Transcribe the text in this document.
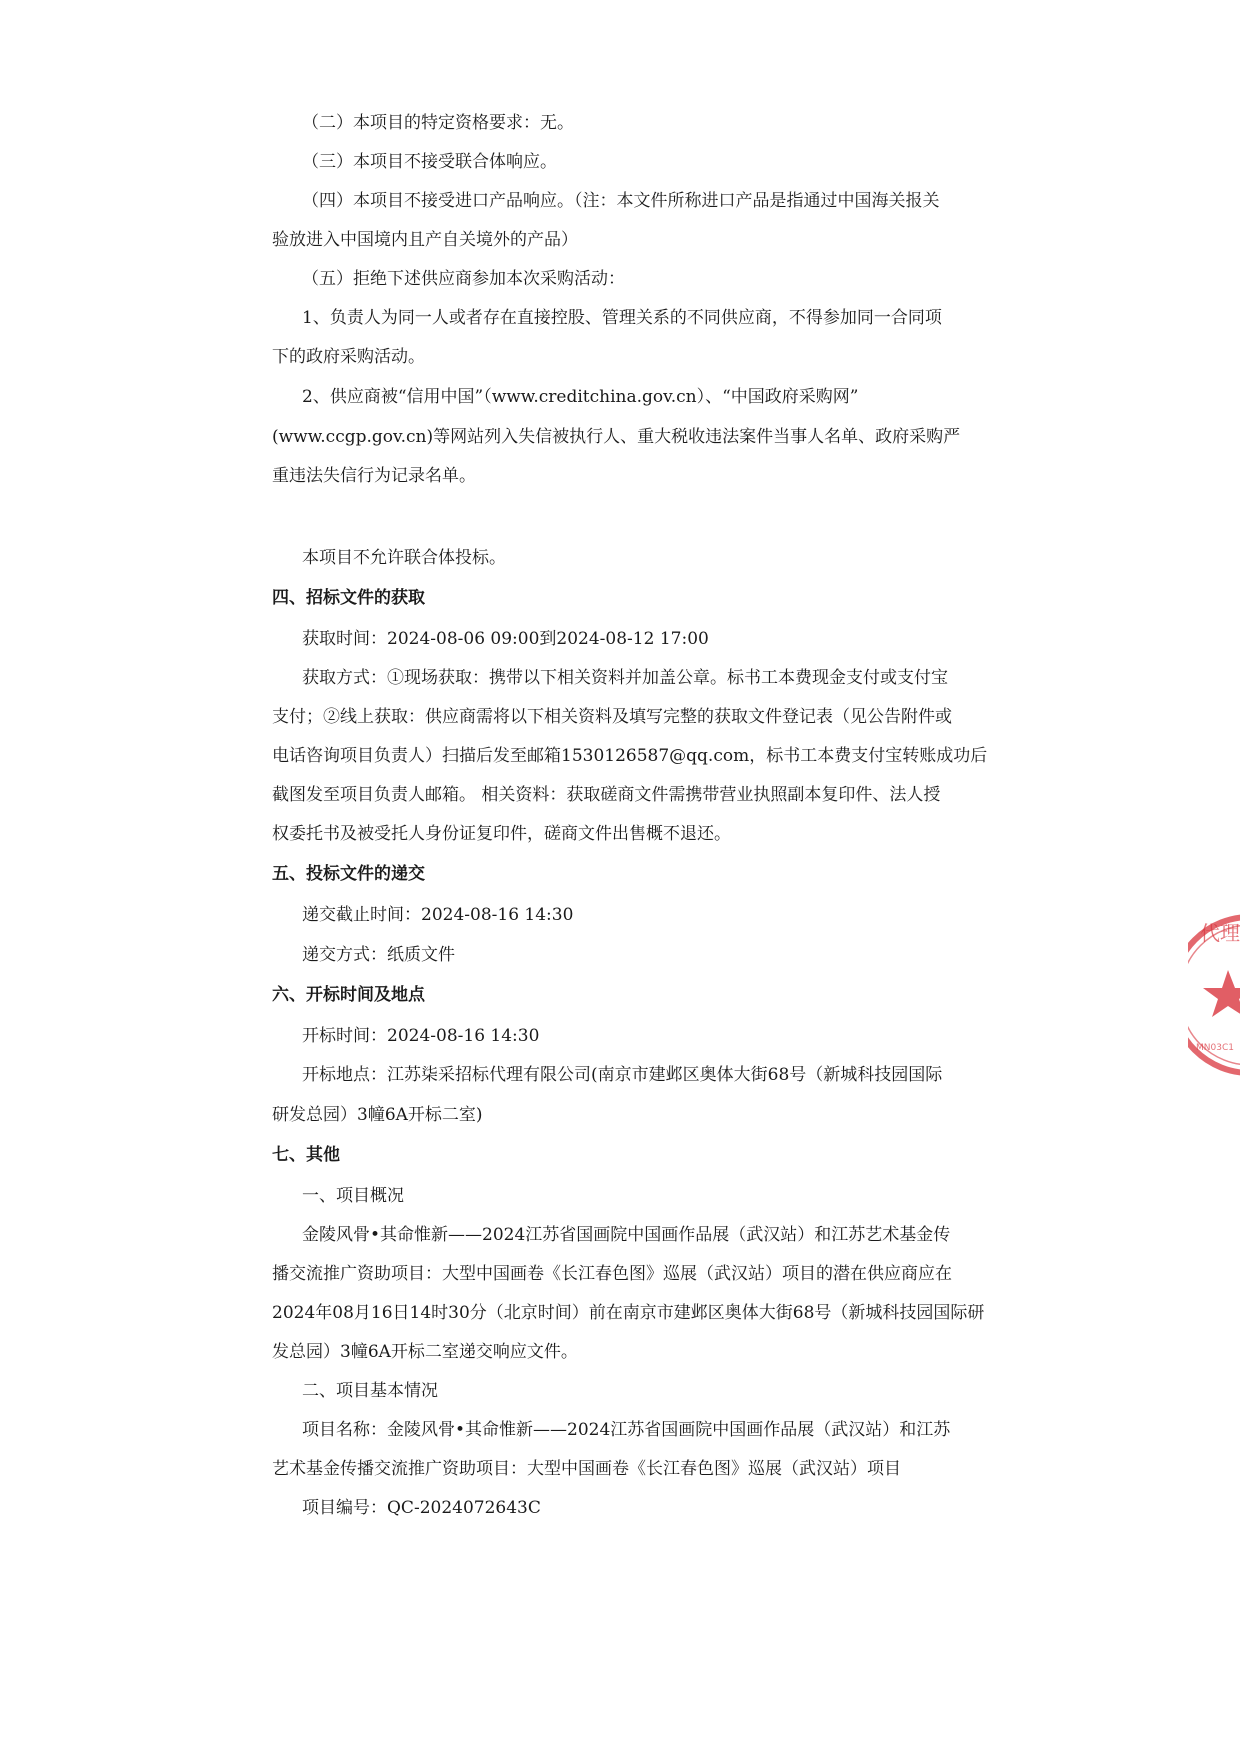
（二）本项目的特定资格要求：无。
（三）本项目不接受联合体响应。
（四）本项目不接受进口产品响应。（注：本文件所称进口产品是指通过中国海关报关
验放进入中国境内且产自关境外的产品）
（五）拒绝下述供应商参加本次采购活动：
1、负责人为同一人或者存在直接控股、管理关系的不同供应商，不得参加同一合同项
下的政府采购活动。
2、供应商被“信用中国”（www.creditchina.gov.cn）、“中国政府采购网”
(www.ccgp.gov.cn)等网站列入失信被执行人、重大税收违法案件当事人名单、政府采购严
重违法失信行为记录名单。
本项目不允许联合体投标。
四、招标文件的获取
获取时间：2024-08-06 09:00到2024-08-12 17:00
获取方式：①现场获取：携带以下相关资料并加盖公章。标书工本费现金支付或支付宝
支付；②线上获取：供应商需将以下相关资料及填写完整的获取文件登记表（见公告附件或
电话咨询项目负责人）扫描后发至邮箱1530126587@qq.com，标书工本费支付宝转账成功后
截图发至项目负责人邮箱。 相关资料：获取磋商文件需携带营业执照副本复印件、法人授
权委托书及被受托人身份证复印件，磋商文件出售概不退还。
五、投标文件的递交
递交截止时间：2024-08-16 14:30
递交方式：纸质文件
六、开标时间及地点
开标时间：2024-08-16 14:30
开标地点：江苏柒采招标代理有限公司(南京市建邺区奥体大街68号（新城科技园国际
研发总园）3幢6A开标二室)
七、其他
一、项目概况
金陵风骨•其命惟新——2024江苏省国画院中国画作品展（武汉站）和江苏艺术基金传
播交流推广资助项目：大型中国画卷《长江春色图》巡展（武汉站）项目的潜在供应商应在
2024年08月16日14时30分（北京时间）前在南京市建邺区奥体大街68号（新城科技园国际研
发总园）3幢6A开标二室递交响应文件。
二、项目基本情况
项目名称：金陵风骨•其命惟新——2024江苏省国画院中国画作品展（武汉站）和江苏
艺术基金传播交流推广资助项目：大型中国画卷《长江春色图》巡展（武汉站）项目
项目编号：QC-2024072643C
代理
MN03C1
